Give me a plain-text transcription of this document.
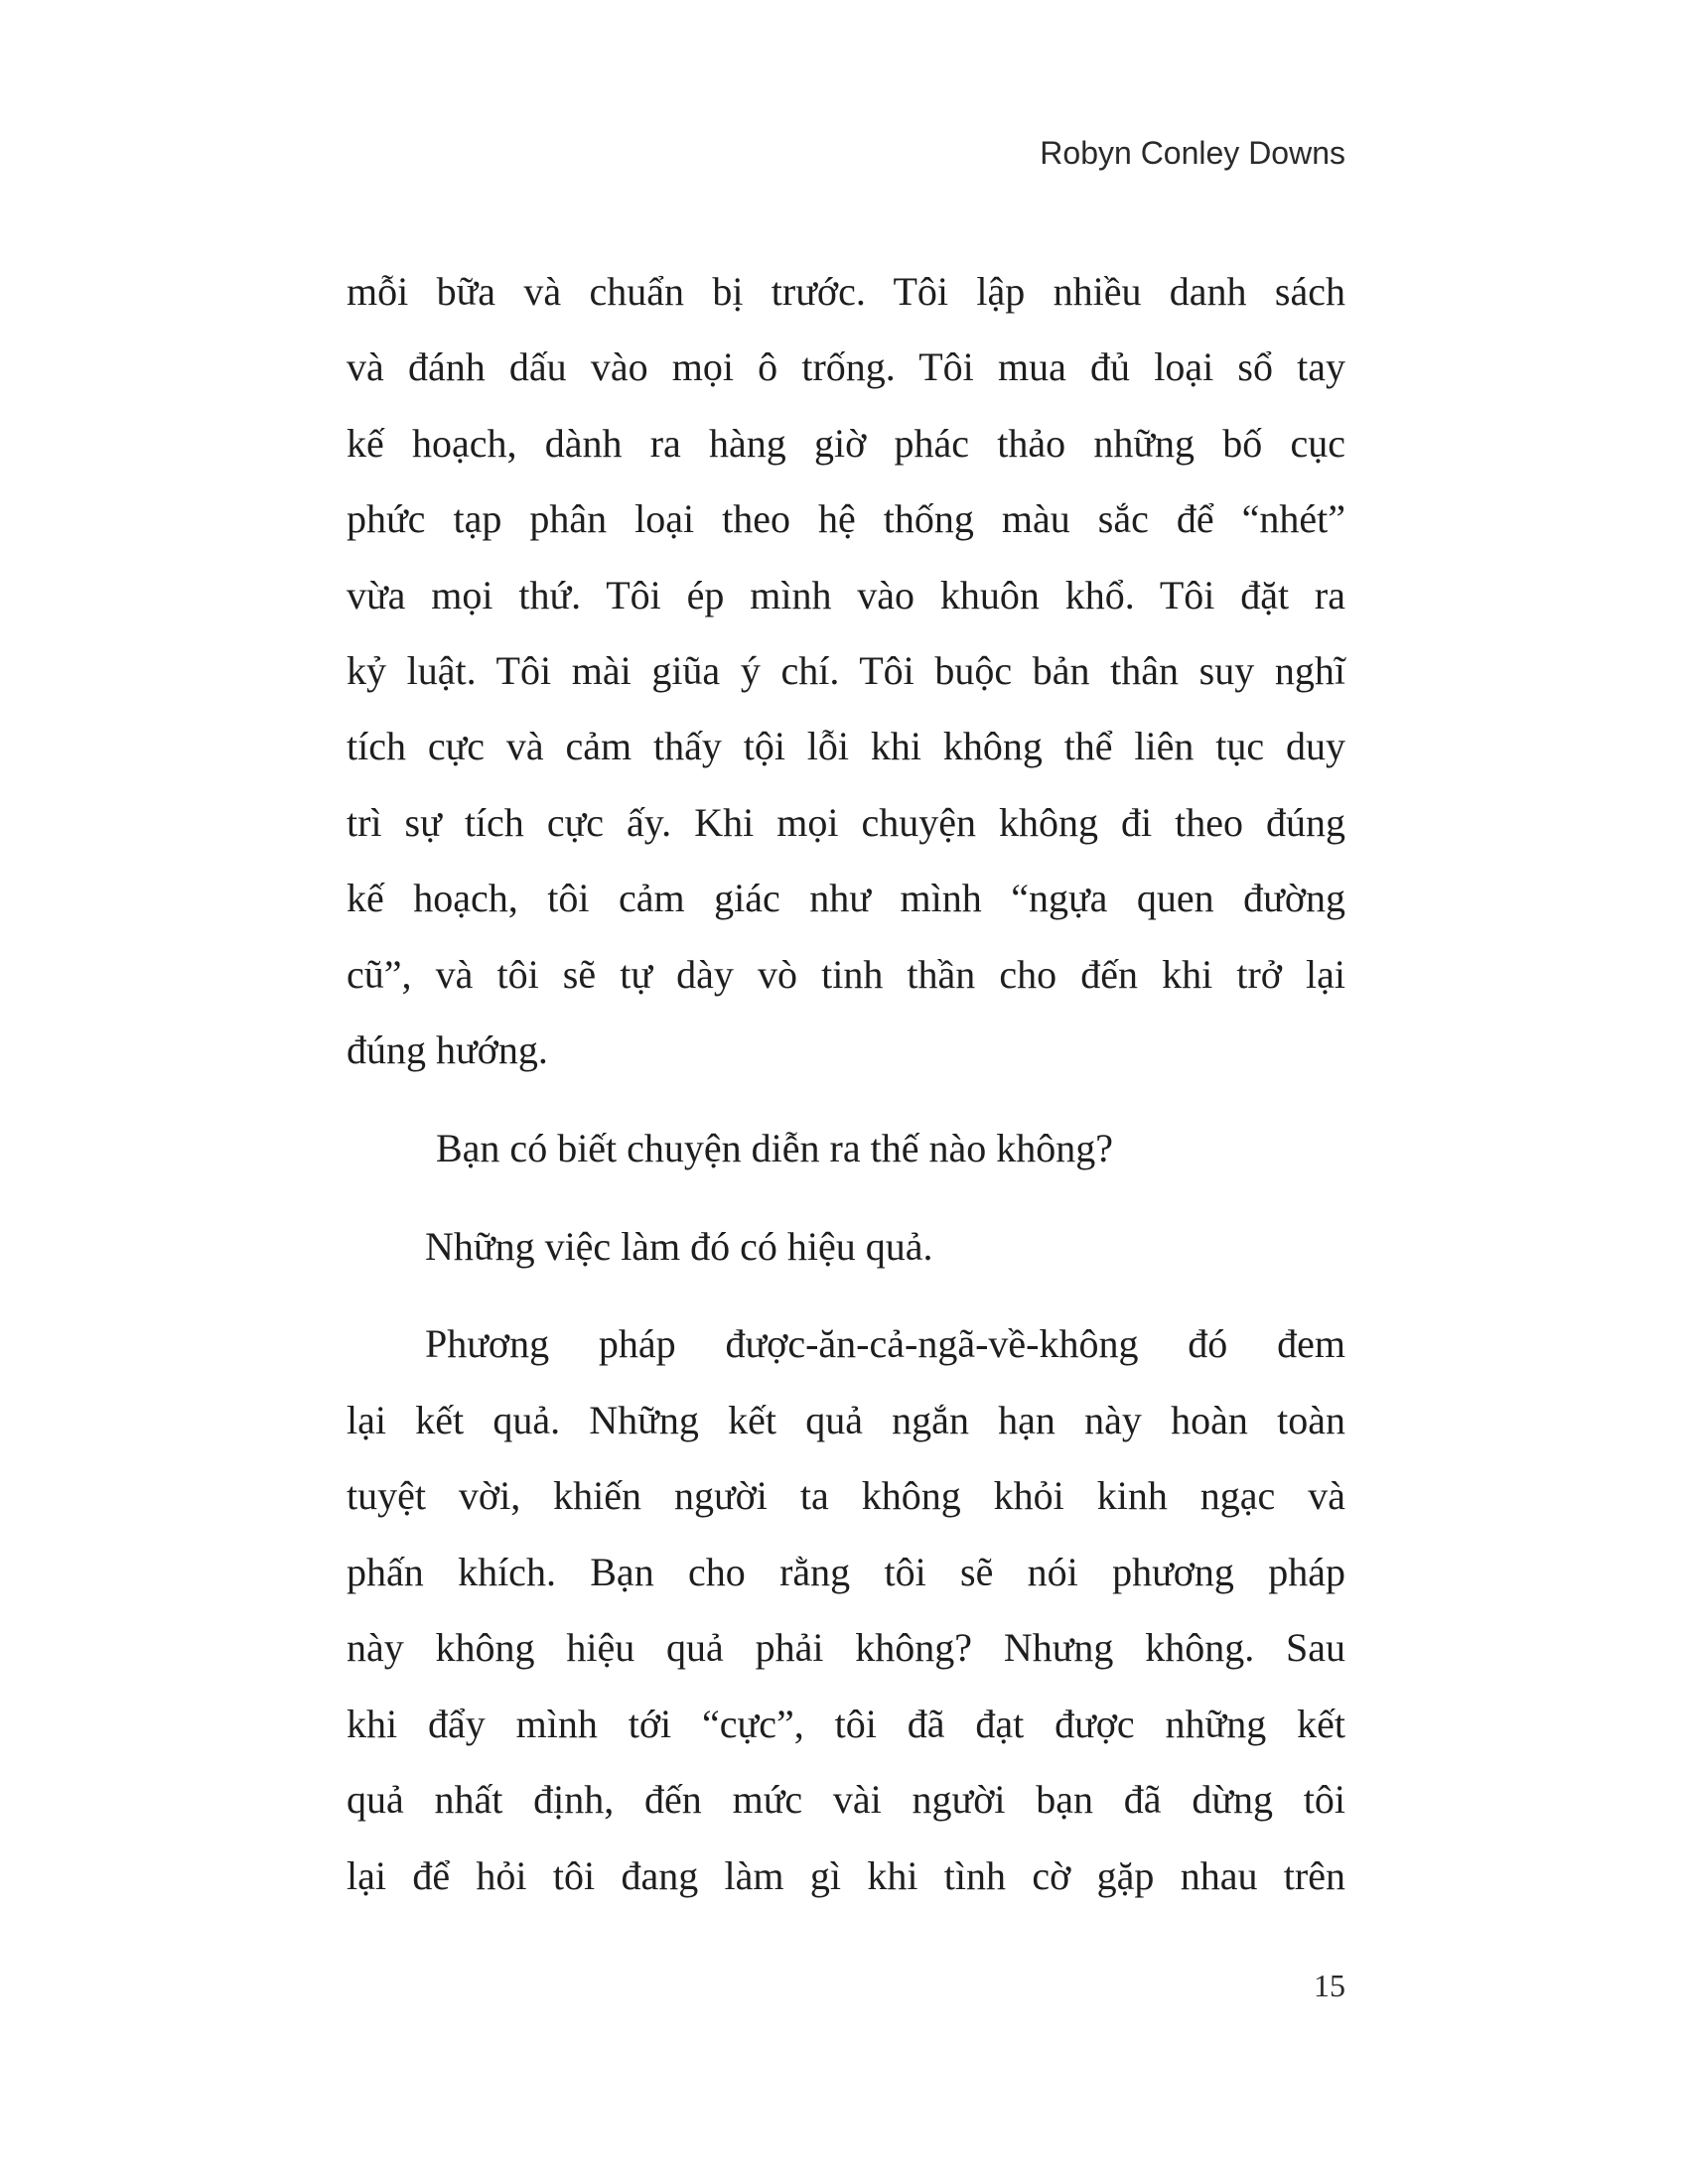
Robyn Conley Downs
mỗi bữa và chuẩn bị trước. Tôi lập nhiều danh sách
và đánh dấu vào mọi ô trống. Tôi mua đủ loại sổ tay
kế hoạch, dành ra hàng giờ phác thảo những bố cục
phức tạp phân loại theo hệ thống màu sắc để “nhét”
vừa mọi thứ. Tôi ép mình vào khuôn khổ. Tôi đặt ra
kỷ luật. Tôi mài giũa ý chí. Tôi buộc bản thân suy nghĩ
tích cực và cảm thấy tội lỗi khi không thể liên tục duy
trì sự tích cực ấy. Khi mọi chuyện không đi theo đúng
kế hoạch, tôi cảm giác như mình “ngựa quen đường
cũ”, và tôi sẽ tự dày vò tinh thần cho đến khi trở lại
đúng hướng.
Bạn có biết chuyện diễn ra thế nào không?
Những việc làm đó có hiệu quả.
Phương pháp được-ăn-cả-ngã-về-không đó đem
lại kết quả. Những kết quả ngắn hạn này hoàn toàn
tuyệt vời, khiến người ta không khỏi kinh ngạc và
phấn khích. Bạn cho rằng tôi sẽ nói phương pháp
này không hiệu quả phải không? Nhưng không. Sau
khi đẩy mình tới “cực”, tôi đã đạt được những kết
quả nhất định, đến mức vài người bạn đã dừng tôi
lại để hỏi tôi đang làm gì khi tình cờ gặp nhau trên
15
